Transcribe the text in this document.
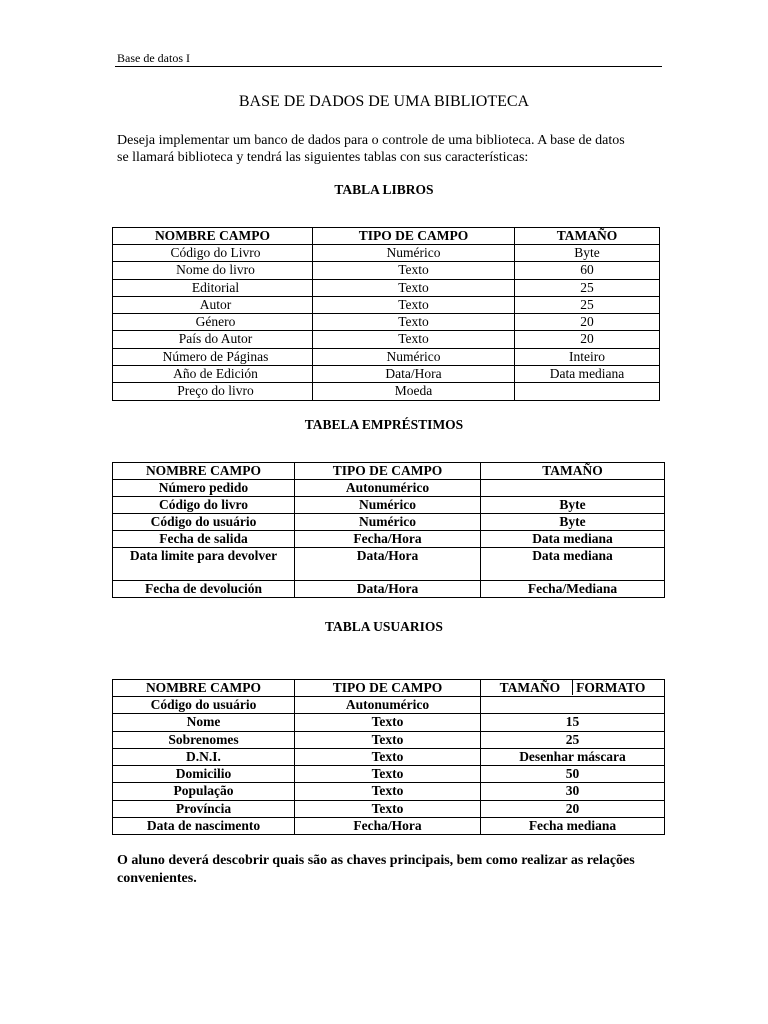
Base de datos I
BASE DE DADOS DE UMA BIBLIOTECA
Deseja implementar um banco de dados para o controle de uma biblioteca. A base de datos se llamará biblioteca y tendrá las siguientes tablas con sus características:
TABLA LIBROS
NOMBRE CAMPO	TIPO DE CAMPO	TAMAÑO
Código do Livro	Numérico	Byte
Nome do livro	Texto	60
Editorial	Texto	25
Autor	Texto	25
Género	Texto	20
País do Autor	Texto	20
Número de Páginas	Numérico	Inteiro
Año de Edición	Data/Hora	Data mediana
Preço do livro	Moeda	
TABELA EMPRÉSTIMOS
NOMBRE CAMPO	TIPO DE CAMPO	TAMAÑO
Número pedido	Autonumérico	
Código do livro	Numérico	Byte
Código do usuário	Numérico	Byte
Fecha de salida	Fecha/Hora	Data mediana
Data limite para devolver	Data/Hora	Data mediana
Fecha de devolución	Data/Hora	Fecha/Mediana
TABLA USUARIOS
NOMBRE CAMPO	TIPO DE CAMPO	TAMAÑO FORMATO
Código do usuário	Autonumérico	
Nome	Texto	15
Sobrenomes	Texto	25
D.N.I.	Texto	Desenhar máscara
Domicilio	Texto	50
População	Texto	30
Província	Texto	20
Data de nascimento	Fecha/Hora	Fecha mediana
O aluno deverá descobrir quais são as chaves principais, bem como realizar as relações convenientes.
